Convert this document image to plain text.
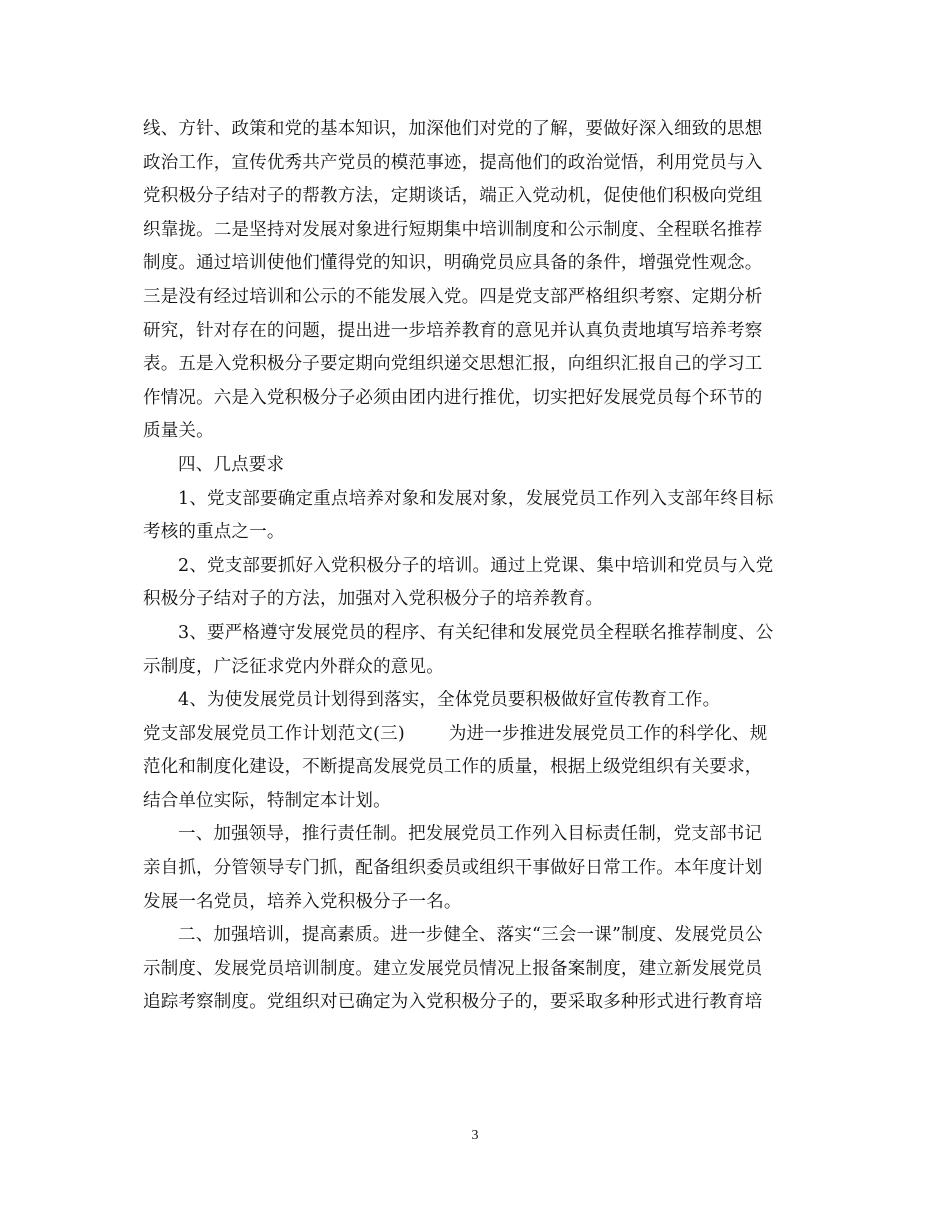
线、方针、政策和党的基本知识，加深他们对党的了解，要做好深入细致的思想
政治工作，宣传优秀共产党员的模范事迹，提高他们的政治觉悟，利用党员与入
党积极分子结对子的帮教方法，定期谈话，端正入党动机，促使他们积极向党组
织靠拢。二是坚持对发展对象进行短期集中培训制度和公示制度、全程联名推荐
制度。通过培训使他们懂得党的知识，明确党员应具备的条件，增强党性观念。
三是没有经过培训和公示的不能发展入党。四是党支部严格组织考察、定期分析
研究，针对存在的问题，提出进一步培养教育的意见并认真负责地填写培养考察
表。五是入党积极分子要定期向党组织递交思想汇报，向组织汇报自己的学习工
作情况。六是入党积极分子必须由团内进行推优，切实把好发展党员每个环节的
质量关。
四、几点要求
1、党支部要确定重点培养对象和发展对象，发展党员工作列入支部年终目标
考核的重点之一。
2、党支部要抓好入党积极分子的培训。通过上党课、集中培训和党员与入党
积极分子结对子的方法，加强对入党积极分子的培养教育。
3、要严格遵守发展党员的程序、有关纪律和发展党员全程联名推荐制度、公
示制度，广泛征求党内外群众的意见。
4、为使发展党员计划得到落实，全体党员要积极做好宣传教育工作。
党支部发展党员工作计划范文(三)	为进一步推进发展党员工作的科学化、规
范化和制度化建设，不断提高发展党员工作的质量，根据上级党组织有关要求，
结合单位实际，特制定本计划。
一、加强领导，推行责任制。把发展党员工作列入目标责任制，党支部书记
亲自抓，分管领导专门抓，配备组织委员或组织干事做好日常工作。本年度计划
发展一名党员，培养入党积极分子一名。
二、加强培训，提高素质。进一步健全、落实“三会一课”制度、发展党员公
示制度、发展党员培训制度。建立发展党员情况上报备案制度，建立新发展党员
追踪考察制度。党组织对已确定为入党积极分子的，要采取多种形式进行教育培
3
